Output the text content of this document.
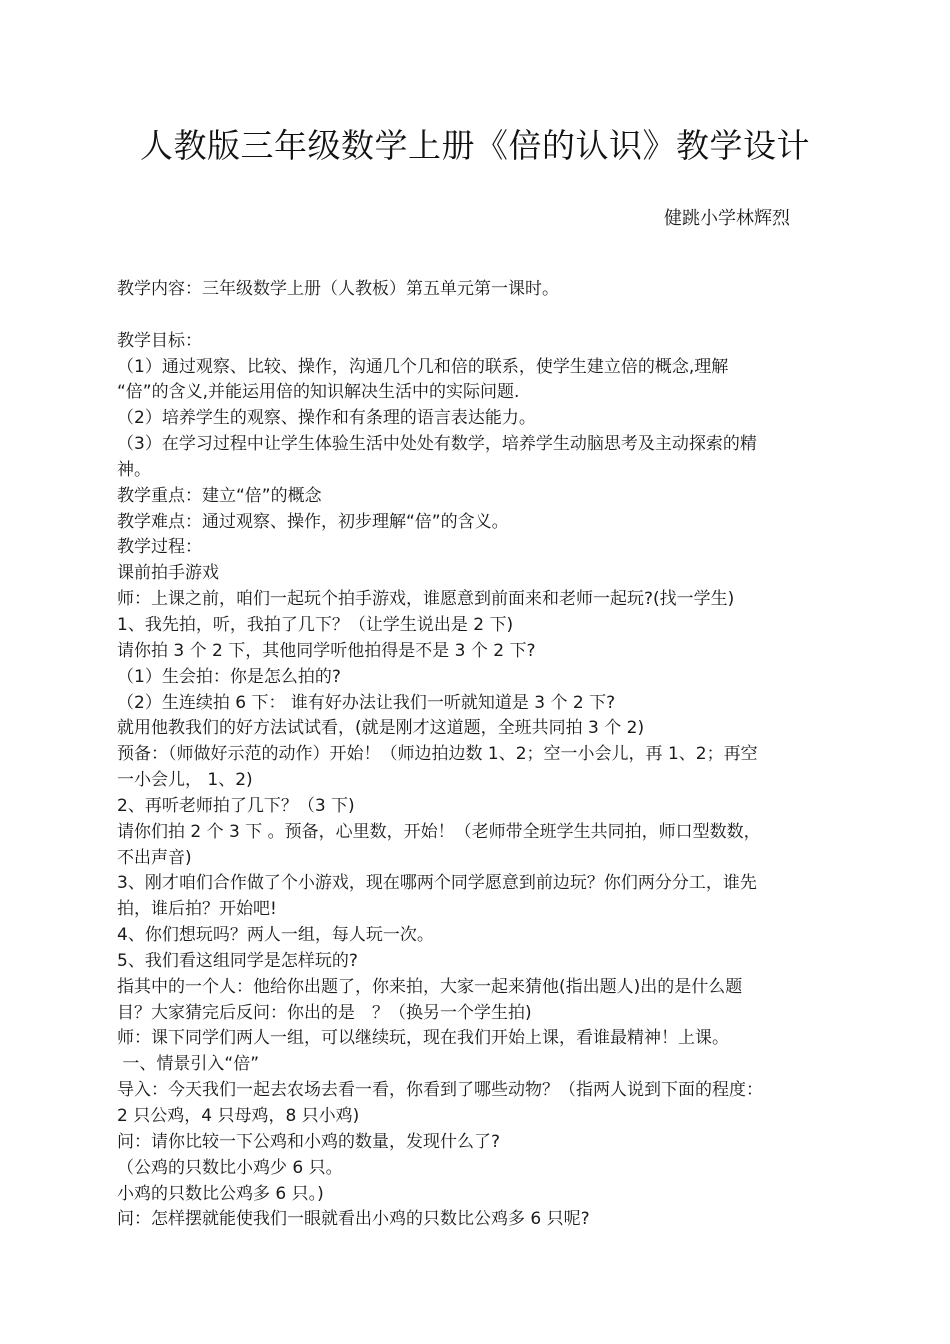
人教版三年级数学上册《倍的认识》教学设计
健跳小学林辉烈

教学内容：三年级数学上册（人教板）第五单元第一课时。

教学目标：

（1）通过观察、比较、操作，沟通几个几和倍的联系，使学生建立倍的概念,理解

“倍”的含义,并能运用倍的知识解决生活中的实际问题.

（2）培养学生的观察、操作和有条理的语言表达能力。

（3）在学习过程中让学生体验生活中处处有数学，培养学生动脑思考及主动探索的精

神。

教学重点：建立“倍”的概念

教学难点：通过观察、操作，初步理解“倍”的含义。

教学过程：

课前拍手游戏

师：上课之前，咱们一起玩个拍手游戏，谁愿意到前面来和老师一起玩?(找一学生)

1、我先拍，听，我拍了几下？（让学生说出是 2 下)

请你拍 3 个 2 下，其他同学听他拍得是不是 3 个 2 下?

（1）生会拍：你是怎么拍的?

（2）生连续拍 6 下： 谁有好办法让我们一听就知道是 3 个 2 下?

就用他教我们的好方法试试看，(就是刚才这道题，全班共同拍 3 个 2)

预备：（师做好示范的动作）开始！（师边拍边数 1、2；空一小会儿，再 1、2；再空

一小会儿， 1、2)

2、再听老师拍了几下？（3 下)

请你们拍 2 个 3 下 。预备，心里数，开始！（老师带全班学生共同拍，师口型数数，

不出声音)

3、刚才咱们合作做了个小游戏，现在哪两个同学愿意到前边玩？你们两分分工，谁先

拍，谁后拍？开始吧!

4、你们想玩吗？两人一组，每人玩一次。

5、我们看这组同学是怎样玩的?

指其中的一个人：他给你出题了，你来拍，大家一起来猜他(指出题人)出的是什么题

目？大家猜完后反问：你出的是　？（换另一个学生拍)

师：课下同学们两人一组，可以继续玩，现在我们开始上课，看谁最精神！上课。

一、情景引入“倍”

导入：今天我们一起去农场去看一看，你看到了哪些动物？（指两人说到下面的程度：

2 只公鸡，4 只母鸡，8 只小鸡)

问：请你比较一下公鸡和小鸡的数量，发现什么了?

（公鸡的只数比小鸡少 6 只。

小鸡的只数比公鸡多 6 只。)

问：怎样摆就能使我们一眼就看出小鸡的只数比公鸡多 6 只呢?
